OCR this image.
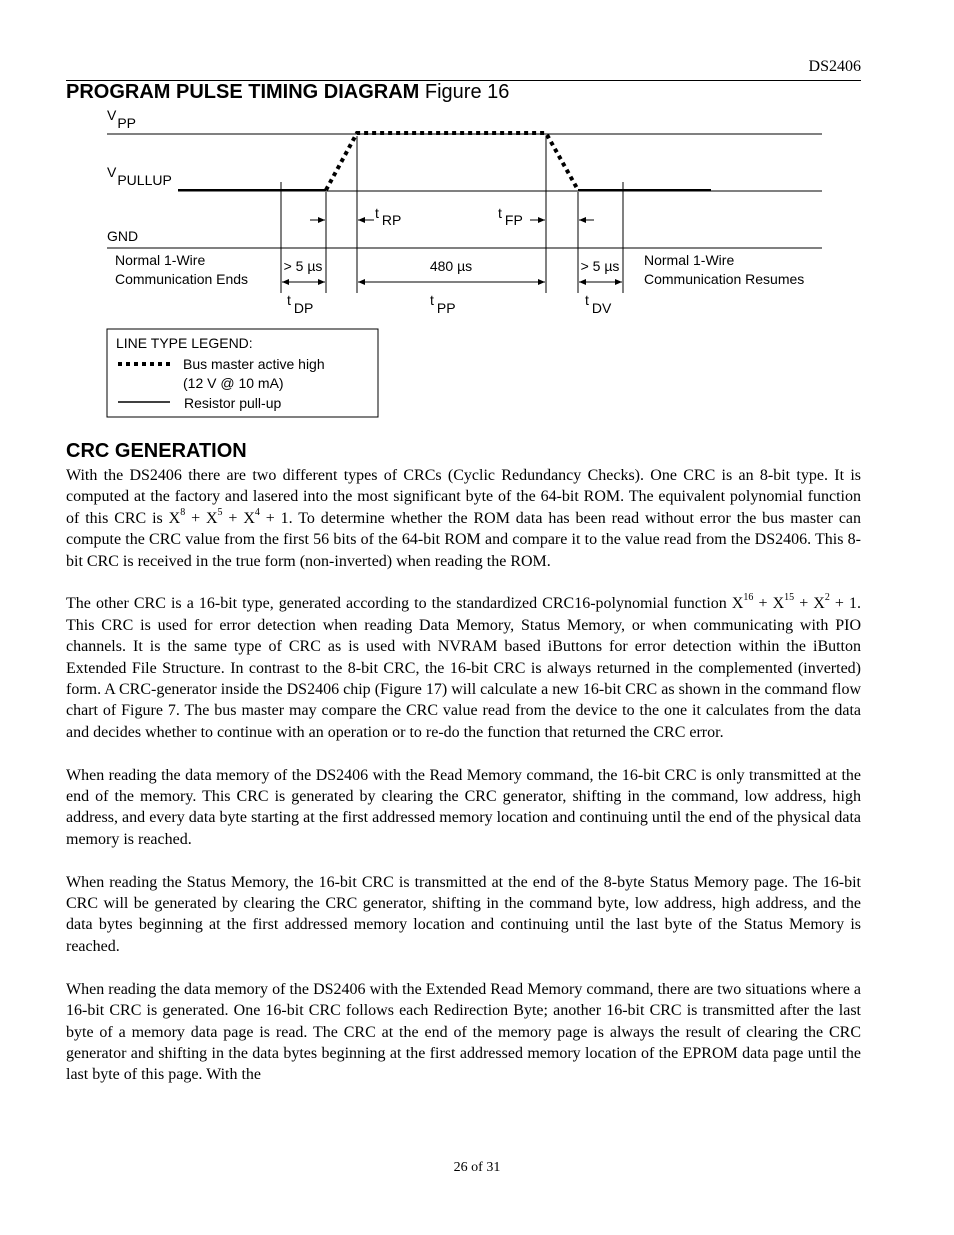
DS2406
PROGRAM PULSE TIMING DIAGRAM Figure 16
VPP
VPULLUP
GND
t RP	t FP
> 5 µs	480 µs	> 5 µs
t DP	t PP	t DV
Normal 1-Wire
Communication Ends
Normal 1-Wire
Communication Resumes
LINE TYPE LEGEND:
Bus master active high
(12 V @ 10 mA)
Resistor pull-up
CRC GENERATION

With the DS2406 there are two different types of CRCs (Cyclic Redundancy Checks). One CRC is an 8-bit type. It is computed at the factory and lasered into the most significant byte of the 64-bit ROM. The equivalent polynomial function of this CRC is $X^8 + X^5 + X^4 + 1$. To determine whether the ROM data has been read without error the bus master can compute the CRC value from the first 56 bits of the 64-bit ROM and compare it to the value read from the DS2406. This 8-bit CRC is received in the true form (non-inverted) when reading the ROM.

The other CRC is a 16-bit type, generated according to the standardized CRC16-polynomial function $X^{16} + X^{15} + X^2 + 1$. This CRC is used for error detection when reading Data Memory, Status Memory, or when communicating with PIO channels. It is the same type of CRC as is used with NVRAM based iButtons for error detection within the iButton Extended File Structure. In contrast to the 8-bit CRC, the 16-bit CRC is always returned in the complemented (inverted) form. A CRC-generator inside the DS2406 chip (Figure 17) will calculate a new 16-bit CRC as shown in the command flow chart of Figure 7. The bus master may compare the CRC value read from the device to the one it calculates from the data and decides whether to continue with an operation or to re-do the function that returned the CRC error.

When reading the data memory of the DS2406 with the Read Memory command, the 16-bit CRC is only transmitted at the end of the memory. This CRC is generated by clearing the CRC generator, shifting in the command, low address, high address, and every data byte starting at the first addressed memory location and continuing until the end of the physical data memory is reached.

When reading the Status Memory, the 16-bit CRC is transmitted at the end of the 8-byte Status Memory page. The 16-bit CRC will be generated by clearing the CRC generator, shifting in the command byte, low address, high address, and the data bytes beginning at the first addressed memory location and continuing until the last byte of the Status Memory is reached.

When reading the data memory of the DS2406 with the Extended Read Memory command, there are two situations where a 16-bit CRC is generated. One 16-bit CRC follows each Redirection Byte; another 16-bit CRC is transmitted after the last byte of a memory data page is read. The CRC at the end of the memory page is always the result of clearing the CRC generator and shifting in the data bytes beginning at the first addressed memory location of the EPROM data page until the last byte of this page. With the

26 of 31
